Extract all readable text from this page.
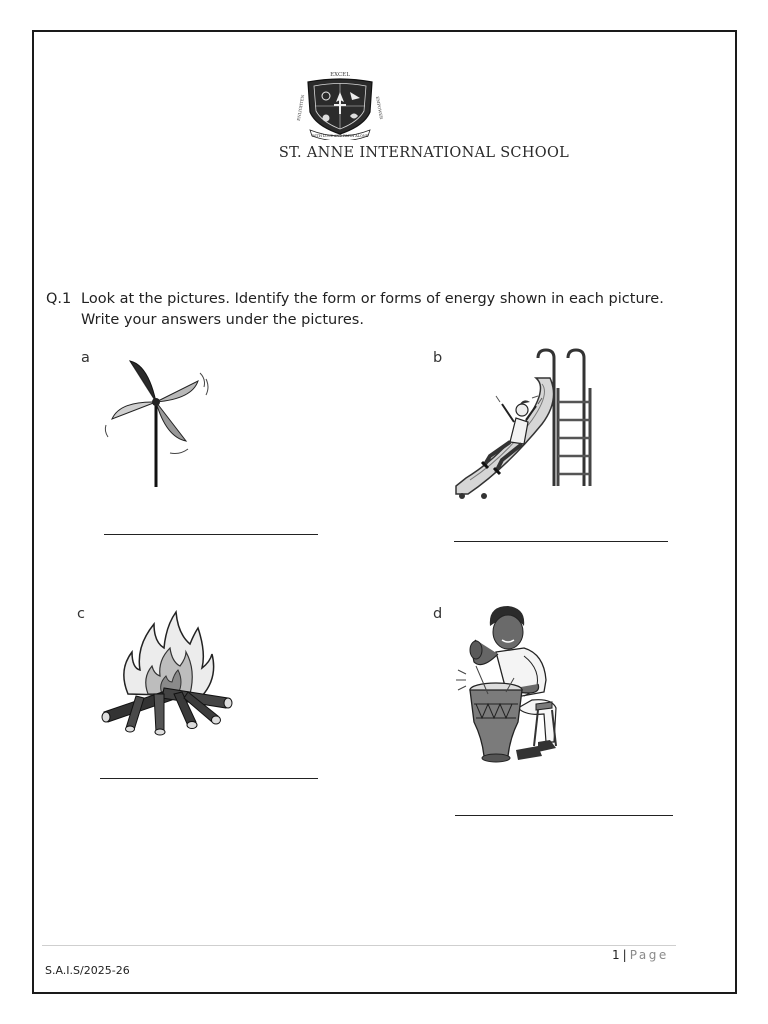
EXCEL
ENLIGHTEN	EMPOWER
WITH LOVE AND FAITH ALONE
ST. ANNE INTERNATIONAL SCHOOL
Q.1 Look at the pictures. Identify the form or forms of energy shown in each picture.
Write your answers under the pictures.
a	b
c	d
1 | Page
S.A.I.S/2025-26
